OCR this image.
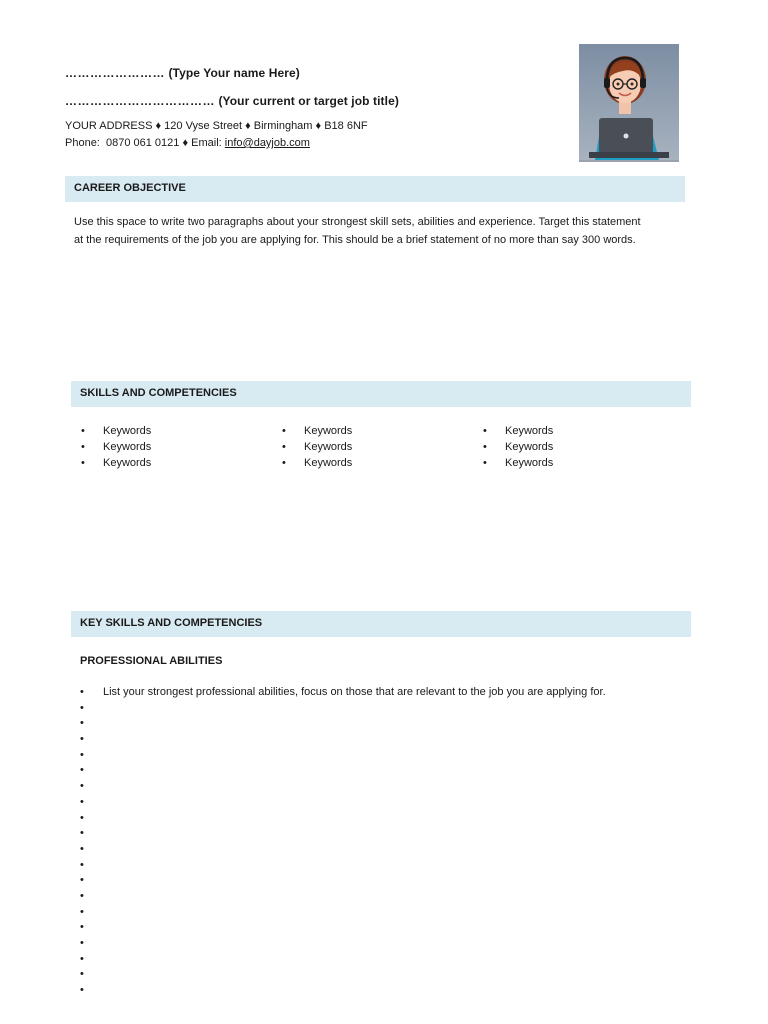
…………………… (Type Your name Here)
……………………………… (Your current or target job title)
YOUR ADDRESS ♦ 120 Vyse Street ♦ Birmingham ♦ B18 6NF
Phone: 0870 061 0121 ♦ Email: info@dayjob.com
CAREER OBJECTIVE
Use this space to write two paragraphs about your strongest skill sets, abilities and experience. Target this statement
at the requirements of the job you are applying for. This should be a brief statement of no more than say 300 words.
SKILLS AND COMPETENCIES
• Keywords
• Keywords
• Keywords
• Keywords
• Keywords
• Keywords
• Keywords
• Keywords
• Keywords
KEY SKILLS AND COMPETENCIES
PROFESSIONAL ABILITIES
• List your strongest professional abilities, focus on those that are relevant to the job you are applying for.
•
•
•
•
•
•
•
•
•
•
•
•
•
•
•
•
•
•
•
